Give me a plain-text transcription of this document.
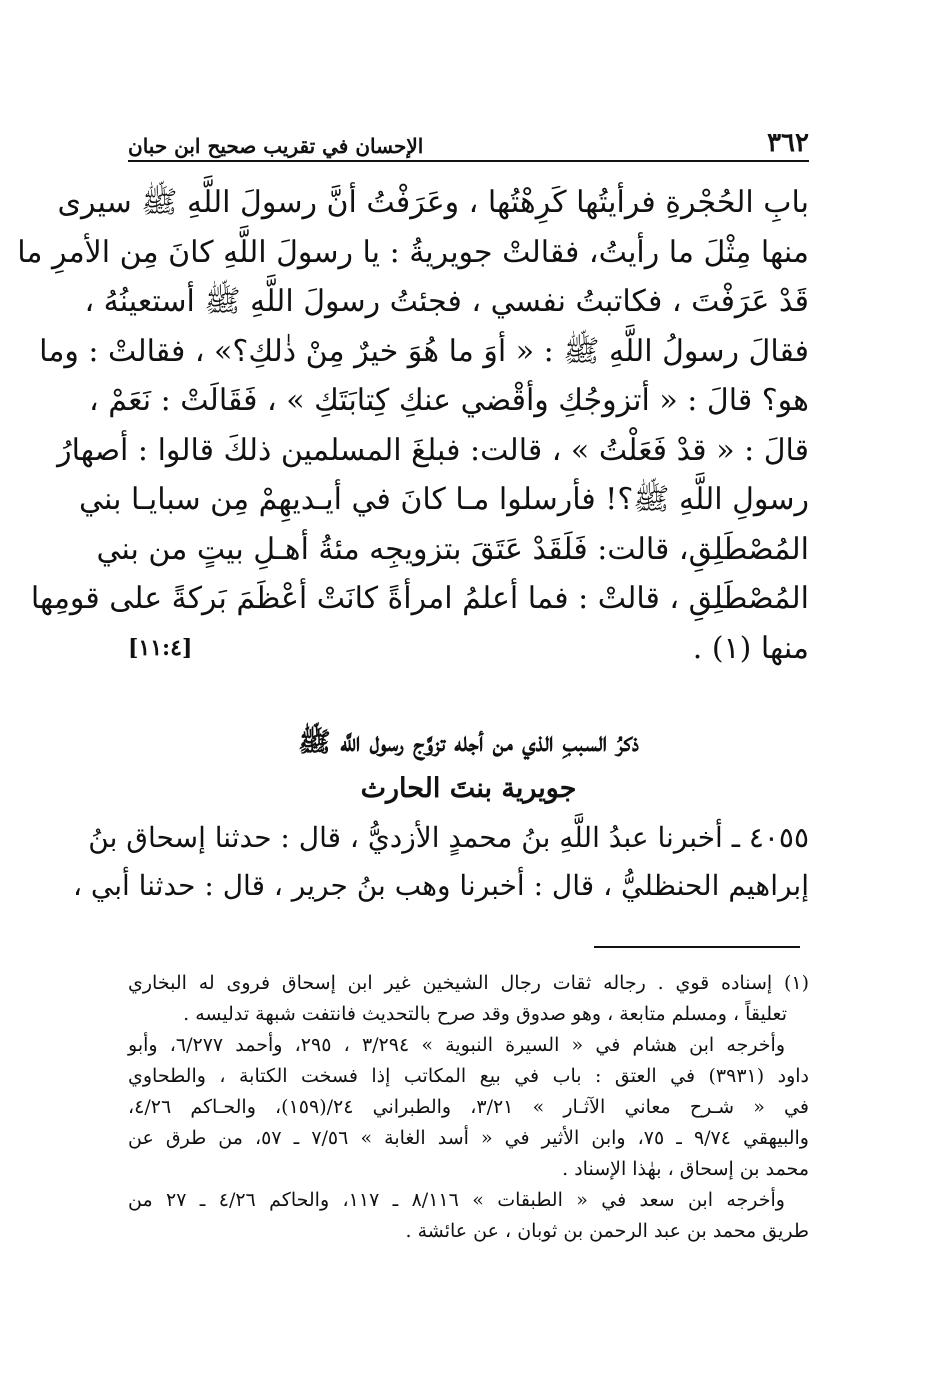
٣٦٢
الإحسان في تقريب صحيح ابن حبان
بابِ الحُجْرةِ فرأيتُها كَرِهْتُها ، وعَرَفْتُ أنَّ رسولَ اللَّهِ ﷺ سيرى
منها مِثْلَ ما رأيتُ، فقالتْ جويريةُ : يا رسولَ اللَّهِ كانَ مِن الأمرِ ما
قَدْ عَرَفْتَ ، فكاتبتُ نفسي ، فجئتُ رسولَ اللَّهِ ﷺ أستعينُهُ ،
فقالَ رسولُ اللَّهِ ﷺ : « أوَ ما هُوَ خيرٌ مِنْ ذٰلكِ؟» ، فقالتْ : وما
هو؟ قالَ : « أتزوجُكِ وأقْضي عنكِ كِتابَتَكِ » ، فَقَالَتْ : نَعَمْ ،
قالَ : « قدْ فَعَلْتُ » ، قالت: فبلغَ المسلمين ذلكَ قالوا : أصهارُ
رسولِ اللَّهِ ﷺ؟! فأرسلوا مـا كانَ في أيـديهِمْ مِن سبايـا بني
المُصْطَلِقِ، قالت: فَلَقَدْ عَتَقَ بتزويجِه مئةُ أهـلِ بيتٍ من بني
المُصْطَلِقِ ، قالتْ : فما أعلمُ امرأةً كانَتْ أعْظَمَ بَركةً على قومِها
منها (١) .
[١١:٤]
ذكرُ السببِ الذي من أجله تزوَّج رسول اللَّه ﷺ
جويرية بنتَ الحارث
٤٠٥٥ ـ أخبرنا عبدُ اللَّهِ بنُ محمدٍ الأزديُّ ، قال : حدثنا إسحاق بنُ
إبراهيم الحنظليُّ ، قال : أخبرنا وهب بنُ جرير ، قال : حدثنا أبي ،
(١) إسناده قوي . رجاله ثقات رجال الشيخين غير ابن إسحاق فروى له البخاري
تعليقاً ، ومسلم متابعة ، وهو صدوق وقد صرح بالتحديث فانتفت شبهة تدليسه .
وأخرجه ابن هشام في « السيرة النبوية » ٣/٢٩٤ ، ٢٩٥، وأحمد ٦/٢٧٧، وأبو
داود (٣٩٣١) في العتق : باب في بيع المكاتب إذا فسخت الكتابة ، والطحاوي
في « شـرح معاني الآثـار » ٣/٢١، والطبراني ٢٤/(١٥٩)، والحـاكم ٤/٢٦،
والبيهقي ٩/٧٤ ـ ٧٥، وابن الأثير في « أسد الغابة » ٧/٥٦ ـ ٥٧، من طرق عن
محمد بن إسحاق ، بهٰذا الإسناد .
وأخرجه ابن سعد في « الطبقات » ٨/١١٦ ـ ١١٧، والحاكم ٤/٢٦ ـ ٢٧ من
طريق محمد بن عبد الرحمن بن ثوبان ، عن عائشة .
